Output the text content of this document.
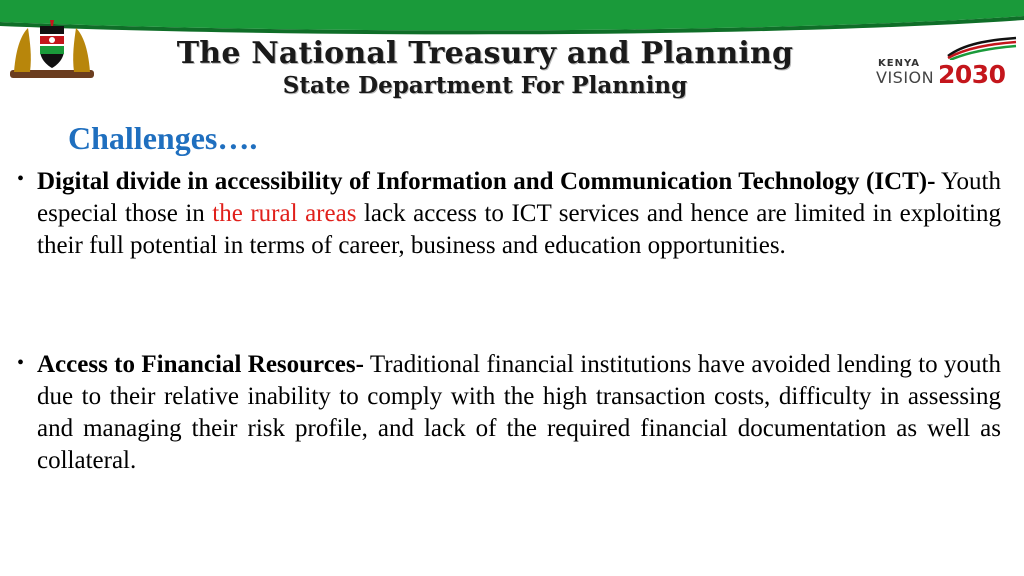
The National Treasury and Planning
State Department For Planning
KENYA
VISION 2030
Challenges….
• Digital divide in accessibility of Information and Communication Technology (ICT)- Youth especial those in the rural areas lack access to ICT services and hence are limited in exploiting their full potential in terms of career, business and education opportunities.
• Access to Financial Resources- Traditional financial institutions have avoided lending to youth due to their relative inability to comply with the high transaction costs, difficulty in assessing and managing their risk profile, and lack of the required financial documentation as well as collateral.
